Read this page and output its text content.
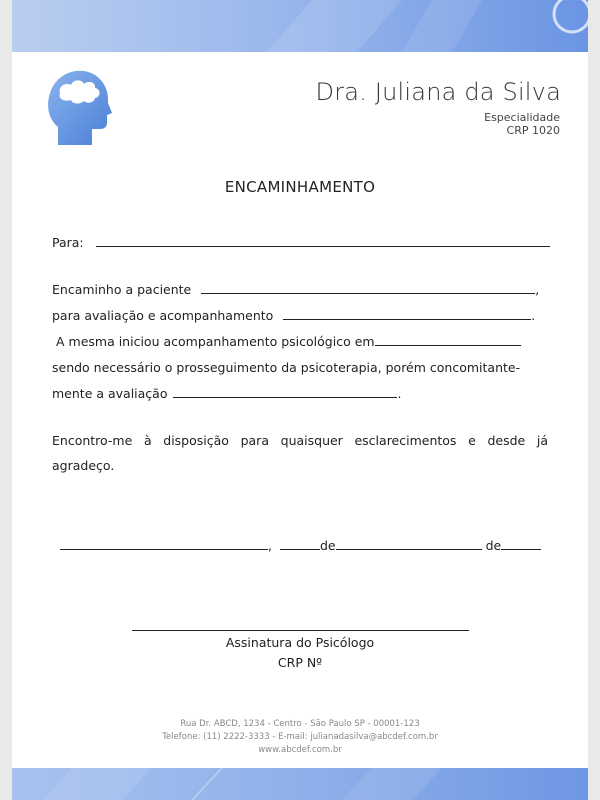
Dra. Juliana da Silva
Especialidade
CRP 1020
ENCAMINHAMENTO
Para:
Encaminho a paciente	,
para avaliação e acompanhamento	.
A mesma iniciou acompanhamento psicológico em
sendo necessário o prosseguimento da psicoterapia, porém concomitante-
mente a avaliação	.
Encontro-me à disposição para quaisquer esclarecimentos e desde já agradeço.
,	de	de
Assinatura do Psicólogo
CRP Nº
Rua Dr. ABCD, 1234 - Centro - São Paulo SP - 00001-123
Telefone: (11) 2222-3333 - E-mail: julianadasilva@abcdef.com.br
www.abcdef.com.br
